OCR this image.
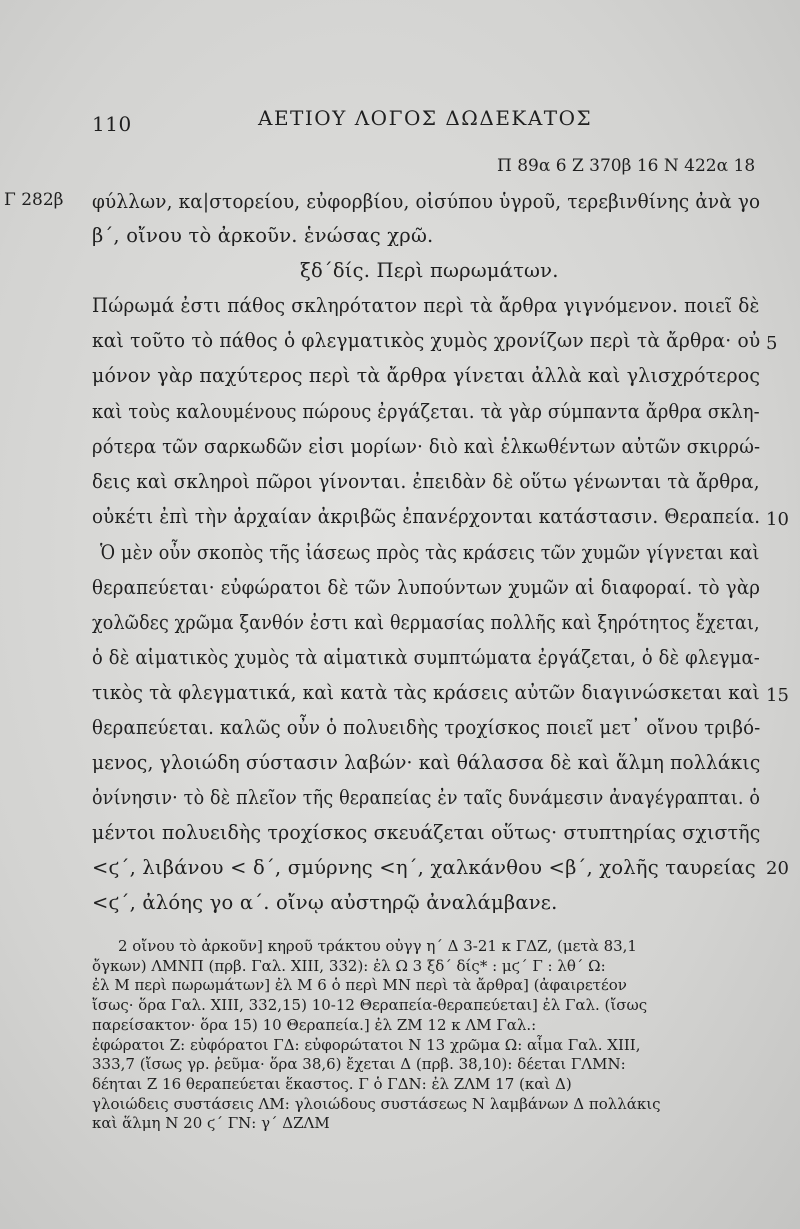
110	ΑΕΤΙΟΥ ΛΟΓΟΣ ΔΩΔΕΚΑΤΟΣ
Π 89α 6 Ζ 370β 16 Ν 422α 18
Γ 282β φύλλων, κα|στορείου, εὐφορβίου, οἰσύπου ὑγροῦ, τερεβινθίνης ἀνὰ γο
β΄, οἴνου τὸ ἀρκοῦν. ἑνώσας χρῶ.
ξδ΄δίς. Περὶ πωρωμάτων.
Πώρωμά ἐστι πάθος σκληρότατον περὶ τὰ ἄρθρα γιγνόμενον. ποιεῖ δὲ
καὶ τοῦτο τὸ πάθος ὁ φλεγματικὸς χυμὸς χρονίζων περὶ τὰ ἄρθρα· οὐ
μόνον γὰρ παχύτερος περὶ τὰ ἄρθρα γίνεται ἀλλὰ καὶ γλισχρότερος
καὶ τοὺς καλουμένους πώρους ἐργάζεται. τὰ γὰρ σύμπαντα ἄρθρα σκλη-
ρότερα τῶν σαρκωδῶν εἰσι μορίων· διὸ καὶ ἑλκωθέντων αὐτῶν σκιρρώ-
δεις καὶ σκληροὶ πῶροι γίνονται. ἐπειδὰν δὲ οὕτω γένωνται τὰ ἄρθρα,
οὐκέτι ἐπὶ τὴν ἀρχαίαν ἀκριβῶς ἐπανέρχονται κατάστασιν. Θεραπεία.
Ὁ μὲν οὖν σκοπὸς τῆς ἰάσεως πρὸς τὰς κράσεις τῶν χυμῶν γίγνεται καὶ
θεραπεύεται· εὐφώρατοι δὲ τῶν λυπούντων χυμῶν αἱ διαφοραί. τὸ γὰρ
χολῶδες χρῶμα ξανθόν ἐστι καὶ θερμασίας πολλῆς καὶ ξηρότητος ἔχεται,
ὁ δὲ αἱματικὸς χυμὸς τὰ αἱματικὰ συμπτώματα ἐργάζεται, ὁ δὲ φλεγμα-
τικὸς τὰ φλεγματικά, καὶ κατὰ τὰς κράσεις αὐτῶν διαγινώσκεται καὶ
θεραπεύεται. καλῶς οὖν ὁ πολυειδὴς τροχίσκος ποιεῖ μετ᾽ οἴνου τριβό-
μενος, γλοιώδη σύστασιν λαβών· καὶ θάλασσα δὲ καὶ ἅλμη πολλάκις
ὀνίνησιν· τὸ δὲ πλεῖον τῆς θεραπείας ἐν ταῖς δυνάμεσιν ἀναγέγραπται. ὁ
μέντοι πολυειδὴς τροχίσκος σκευάζεται οὕτως· στυπτηρίας σχιστῆς
<ϛ΄, λιβάνου < δ΄, σμύρνης <η΄, χαλκάνθου <β΄, χολῆς ταυρείας
<ϛ΄, ἀλόης γο α΄. οἴνῳ αὐστηρῷ ἀναλάμβανε.
5
10
15
20
2 οἴνου τὸ ἀρκοῦν] κηροῦ τράκτου οὐγγ η΄ Δ 3-21 κ ΓΔΖ, (μετὰ 83,1
ὄγκων) ΛΜΝΠ (πρβ. Γαλ. XIII, 332): ἐλ Ω 3 ξδ΄ δίς* : μϛ΄ Γ : λθ΄ Ω:
ἐλ Μ περὶ πωρωμάτων] ἐλ Μ 6 ὁ περὶ ΜΝ περὶ τὰ ἄρθρα] (ἀφαιρετέον
ἴσως· ὅρα Γαλ. XIII, 332,15) 10-12 Θεραπεία-θεραπεύεται] ἐλ Γαλ. (ἴσως
παρείσακτον· ὅρα 15) 10 Θεραπεία.] ἐλ ΖΜ 12 κ ΛΜ Γαλ.:
ἐφώρατοι Ζ: εὐφόρατοι ΓΔ: εὐφορώτατοι Ν 13 χρῶμα Ω: αἷμα Γαλ. XIII,
333,7 (ἴσως γρ. ῥεῦμα· ὅρα 38,6) ἔχεται Δ (πρβ. 38,10): δέεται ΓΛΜΝ:
δέηται Ζ 16 θεραπεύεται ἕκαστος. Γ ὁ ΓΔΝ: ἐλ ΖΛΜ 17 (καὶ Δ)
γλοιώδεις συστάσεις ΛΜ: γλοιώδους συστάσεως Ν λαμβάνων Δ πολλάκις
καὶ ἅλμη Ν 20 ϛ΄ ΓΝ: γ΄ ΔΖΛΜ
